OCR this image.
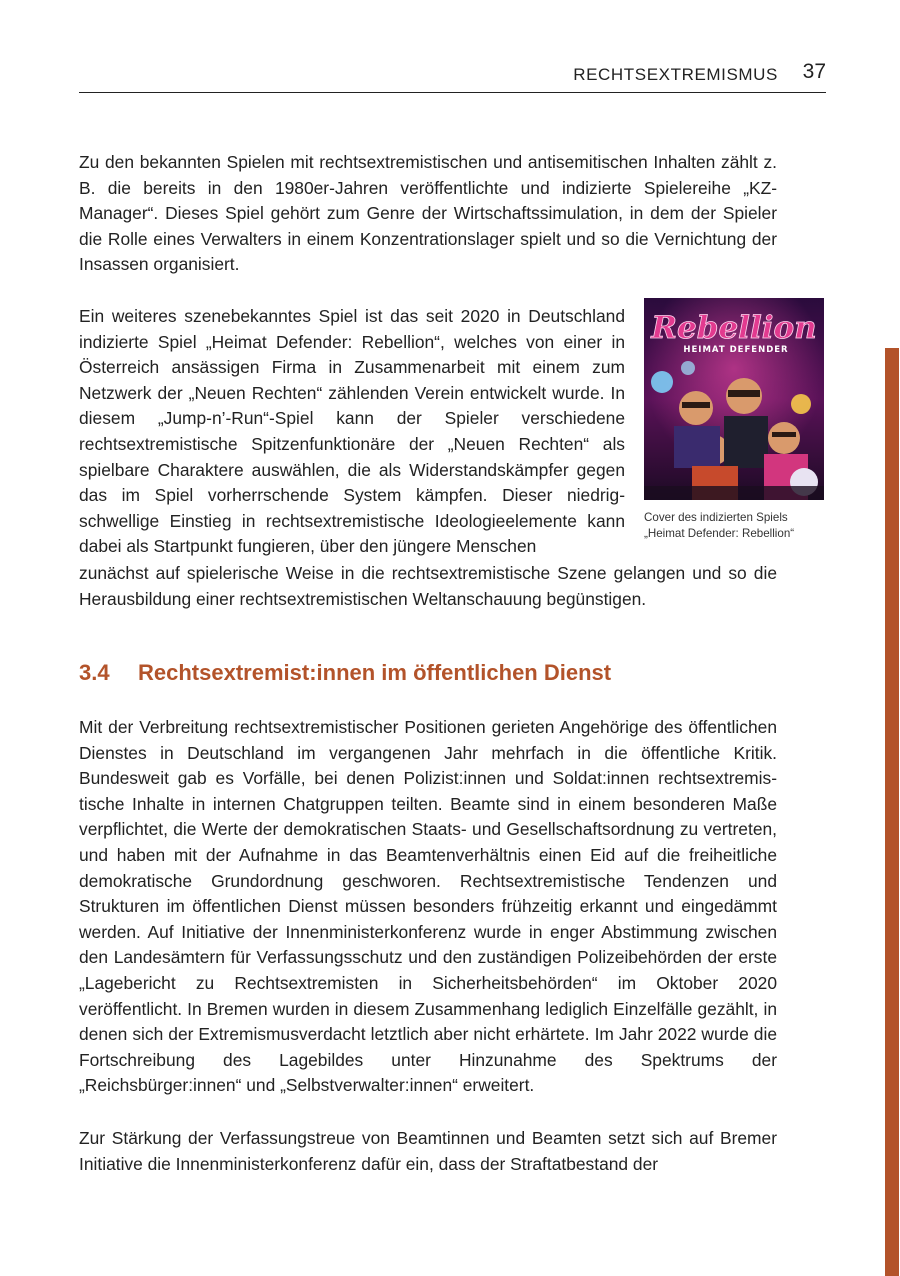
RECHTSEXTREMISMUS 37

Zu den bekannten Spielen mit rechtsextremistischen und antisemitischen Inhalten zählt z. B. die bereits in den 1980er-Jahren veröffentlichte und indizierte Spielereihe „KZ-Manager“. Dieses Spiel gehört zum Genre der Wirtschaftssimulation, in dem der Spieler die Rolle eines Verwalters in einem Konzentrationslager spielt und so die Vernichtung der Insassen organisiert.

Ein weiteres szenebekanntes Spiel ist das seit 2020 in Deutschland indizierte Spiel „Heimat Defender: Rebellion“, welches von einer in Österreich ansässigen Firma in Zusammenarbeit mit einem zum Netzwerk der „Neuen Rechten“ zählenden Verein entwickelt wurde. In diesem „Jump-n’-Run“-Spiel kann der Spieler verschiedene rechtsextremistische Spitzenfunktionäre der „Neuen Rechten“ als spielbare Charaktere auswählen, die als Widerstandskämpfer gegen das im Spiel vorherrschende System kämpfen. Dieser niedrigschwellige Einstieg in rechtsextremistische Ideologieelemente kann dabei als Startpunkt fungieren, über den jüngere Menschen

zunächst auf spielerische Weise in die rechtsextremistische Szene gelangen und so die Herausbildung einer rechtsextremistischen Weltanschauung begünstigen.

Rebellion
HEIMAT DEFENDER
Cover des indizierten Spiels
„Heimat Defender: Rebellion“
3.4 Rechtsextremist:innen im öffentlichen Dienst

Mit der Verbreitung rechtsextremistischer Positionen gerieten Angehörige des öffentlichen Dienstes in Deutschland im vergangenen Jahr mehrfach in die öffentliche Kritik. Bundesweit gab es Vorfälle, bei denen Polizist:innen und Soldat:innen rechtsextremistische Inhalte in internen Chatgruppen teilten. Beamte sind in einem besonderen Maße verpflichtet, die Werte der demokratischen Staats- und Gesellschaftsordnung zu vertreten, und haben mit der Aufnahme in das Beamtenverhältnis einen Eid auf die freiheitliche demokratische Grundordnung geschworen. Rechtsextremistische Tendenzen und Strukturen im öffentlichen Dienst müssen besonders frühzeitig erkannt und eingedämmt werden. Auf Initiative der Innenministerkonferenz wurde in enger Abstimmung zwischen den Landesämtern für Verfassungsschutz und den zuständigen Polizeibehörden der erste „Lagebericht zu Rechtsextremisten in Sicherheitsbehörden“ im Oktober 2020 veröffentlicht. In Bremen wurden in diesem Zusammenhang lediglich Einzelfälle gezählt, in denen sich der Extremismusverdacht letztlich aber nicht erhärtete. Im Jahr 2022 wurde die Fortschreibung des Lagebildes unter Hinzunahme des Spektrums der „Reichsbürger:innen“ und „Selbstverwalter:innen“ erweitert.

Zur Stärkung der Verfassungstreue von Beamtinnen und Beamten setzt sich auf Bremer Initiative die Innenministerkonferenz dafür ein, dass der Straftatbestand der
